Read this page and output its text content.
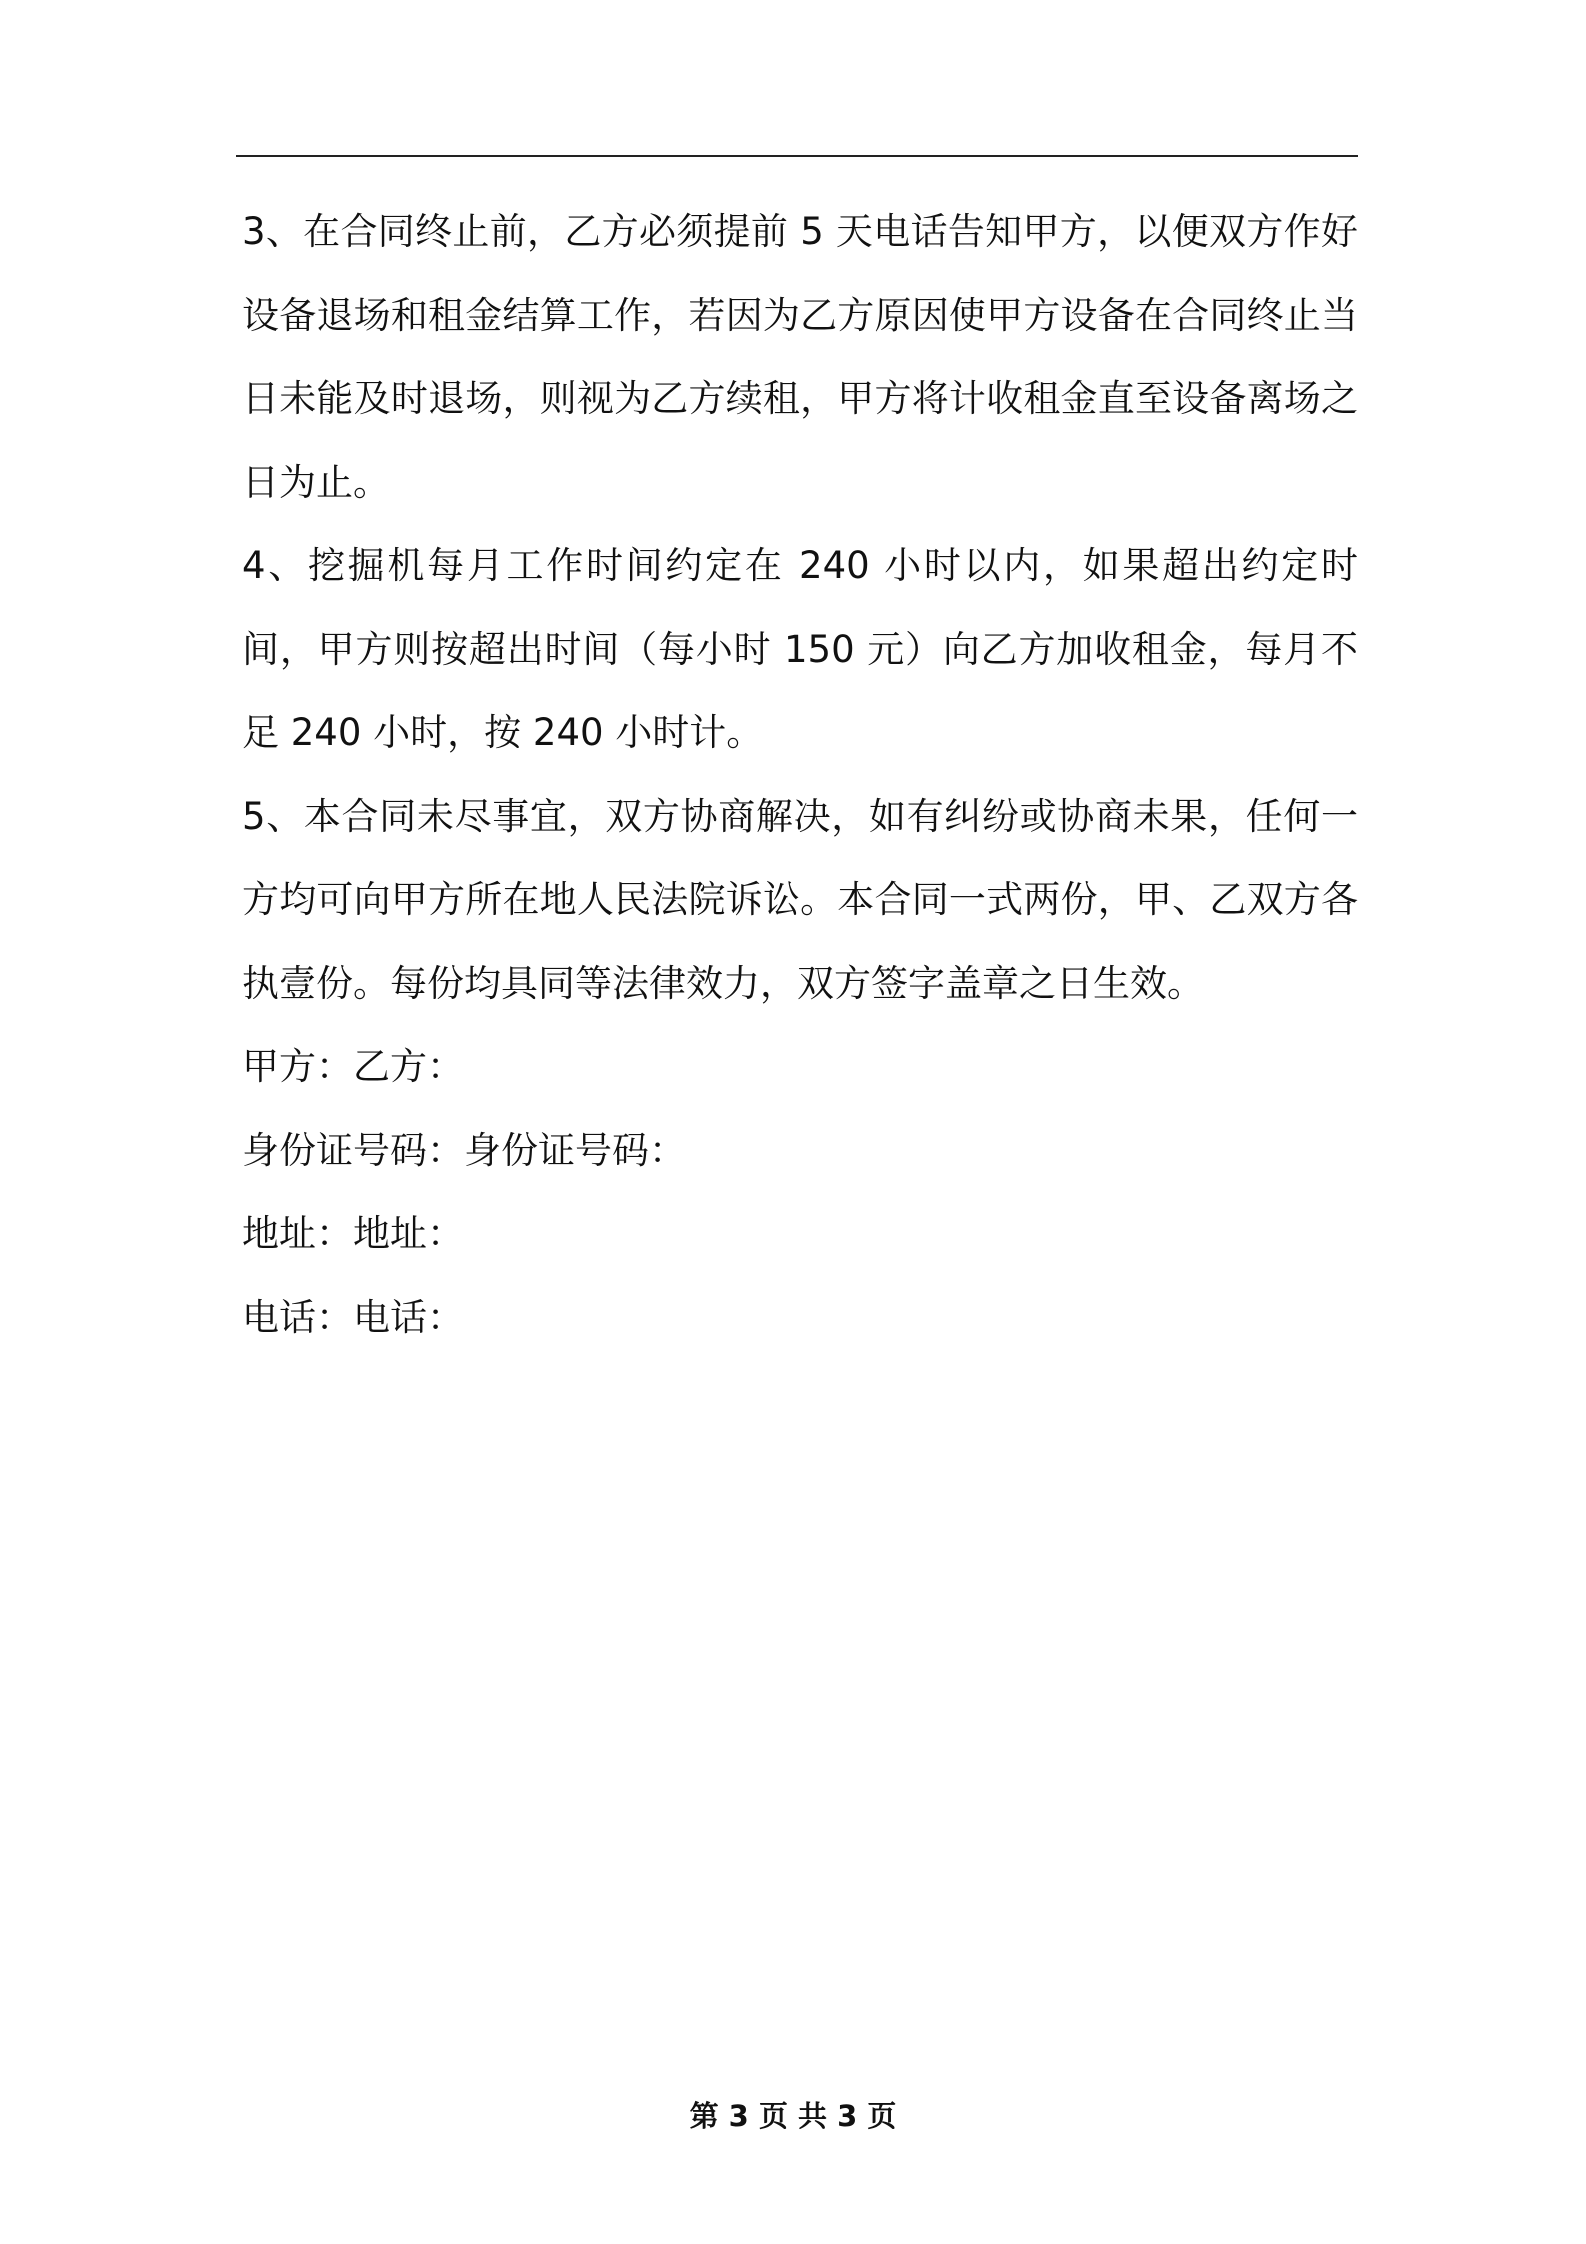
3、在合同终止前，乙方必须提前 5 天电话告知甲方，以便双方作好设备退场和租金结算工作，若因为乙方原因使甲方设备在合同终止当日未能及时退场，则视为乙方续租，甲方将计收租金直至设备离场之日为止。

4、挖掘机每月工作时间约定在 240 小时以内，如果超出约定时间，甲方则按超出时间（每小时 150 元）向乙方加收租金，每月不足 240 小时，按 240 小时计。

5、本合同未尽事宜，双方协商解决，如有纠纷或协商未果，任何一方均可向甲方所在地人民法院诉讼。本合同一式两份，甲、乙双方各执壹份。每份均具同等法律效力，双方签字盖章之日生效。

甲方：乙方：

身份证号码：身份证号码：

地址：地址：

电话：电话：

第 3 页 共 3 页
